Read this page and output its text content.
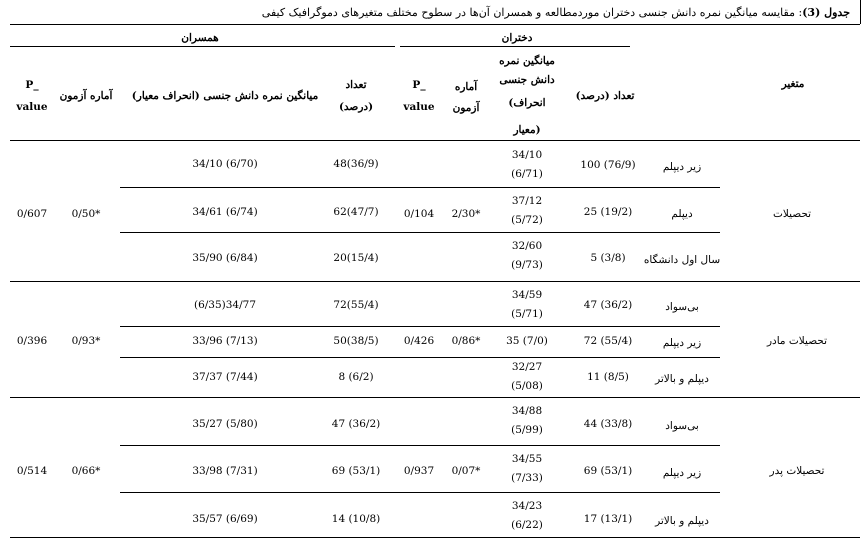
جدول (3): مقایسه میانگین نمره دانش جنسی دختران موردمطالعه و همسران آن‌ها در سطوح مختلف متغیرهای دموگرافیک کیفی
همسران	دختران
متغیر
تعداد (درصد)
میانگین نمره
دانش جنسی
(انحراف
معیار)
آماره
آزمون
P_
value
تعداد
(درصد)
میانگین نمره دانش جنسی (انحراف معیار)
آماره آزمون
P_
value
تحصیلات
2/30*
0/104
0/50*
0/607
زیر دیپلم
100 (76/9)
34/10
(6/71)
48(36/9)
34/10 (6/70)
دیپلم
25 (19/2)
37/12
(5/72)
62(47/7)
34/61 (6/74)
سال اول دانشگاه
5 (3/8)
32/60
(9/73)
20(15/4)
35/90 (6/84)
تحصیلات مادر
0/86*
0/426
0/93*
0/396
بی‌سواد
47 (36/2)
34/59
(5/71)
72(55/4)
(6/35)34/77
زیر دیپلم
72 (55/4)
35 (7/0)
50(38/5)
33/96 (7/13)
دیپلم و بالاتر
11 (8/5)
32/27
(5/08)
8 (6/2)
37/37 (7/44)
تحصیلات پدر
0/07*
0/937
0/66*
0/514
بی‌سواد
44 (33/8)
34/88
(5/99)
47 (36/2)
35/27 (5/80)
زیر دیپلم
69 (53/1)
34/55
(7/33)
69 (53/1)
33/98 (7/31)
دیپلم و بالاتر
17 (13/1)
34/23
(6/22)
14 (10/8)
35/57 (6/69)
